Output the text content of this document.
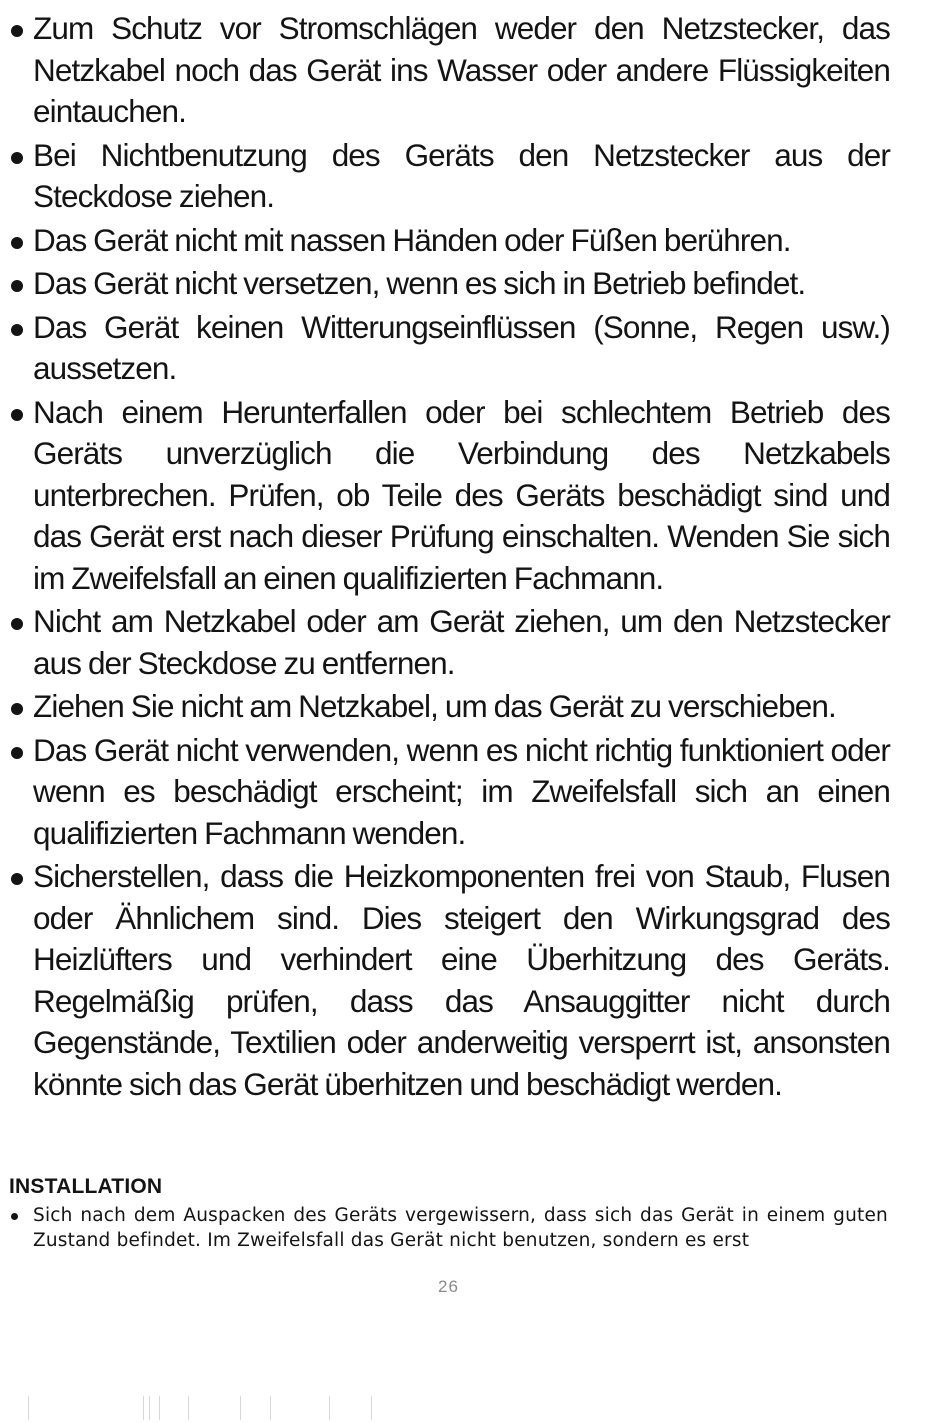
Zum Schutz vor Stromschlägen weder den Netzstecker, das Netzkabel noch das Gerät ins Wasser oder andere Flüssigkeiten eintauchen.
Bei Nichtbenutzung des Geräts den Netzstecker aus der Steckdose ziehen.
Das Gerät nicht mit nassen Händen oder Füßen berühren.
Das Gerät nicht versetzen, wenn es sich in Betrieb befindet.
Das Gerät keinen Witterungseinflüssen (Sonne, Regen usw.) aussetzen.
Nach einem Herunterfallen oder bei schlechtem Betrieb des Geräts unverzüglich die Verbindung des Netzkabels unterbrechen. Prüfen, ob Teile des Geräts beschädigt sind und das Gerät erst nach dieser Prüfung einschalten. Wenden Sie sich im Zweifelsfall an einen qualifizierten Fachmann.
Nicht am Netzkabel oder am Gerät ziehen, um den Netzstecker aus der Steckdose zu entfernen.
Ziehen Sie nicht am Netzkabel, um das Gerät zu verschieben.
Das Gerät nicht verwenden, wenn es nicht richtig funktioniert oder wenn es beschädigt erscheint; im Zweifelsfall sich an einen qualifizierten Fachmann wenden.
Sicherstellen, dass die Heizkomponenten frei von Staub, Flusen oder Ähnlichem sind. Dies steigert den Wirkungsgrad des Heizlüfters und verhindert eine Überhitzung des Geräts. Regelmäßig prüfen, dass das Ansauggitter nicht durch Gegenstände, Textilien oder anderweitig versperrt ist, ansonsten könnte sich das Gerät überhitzen und beschädigt werden.
INSTALLATION
Sich nach dem Auspacken des Geräts vergewissern, dass sich das Gerät in einem guten Zustand befindet. Im Zweifelsfall das Gerät nicht benutzen, sondern es erst
26
